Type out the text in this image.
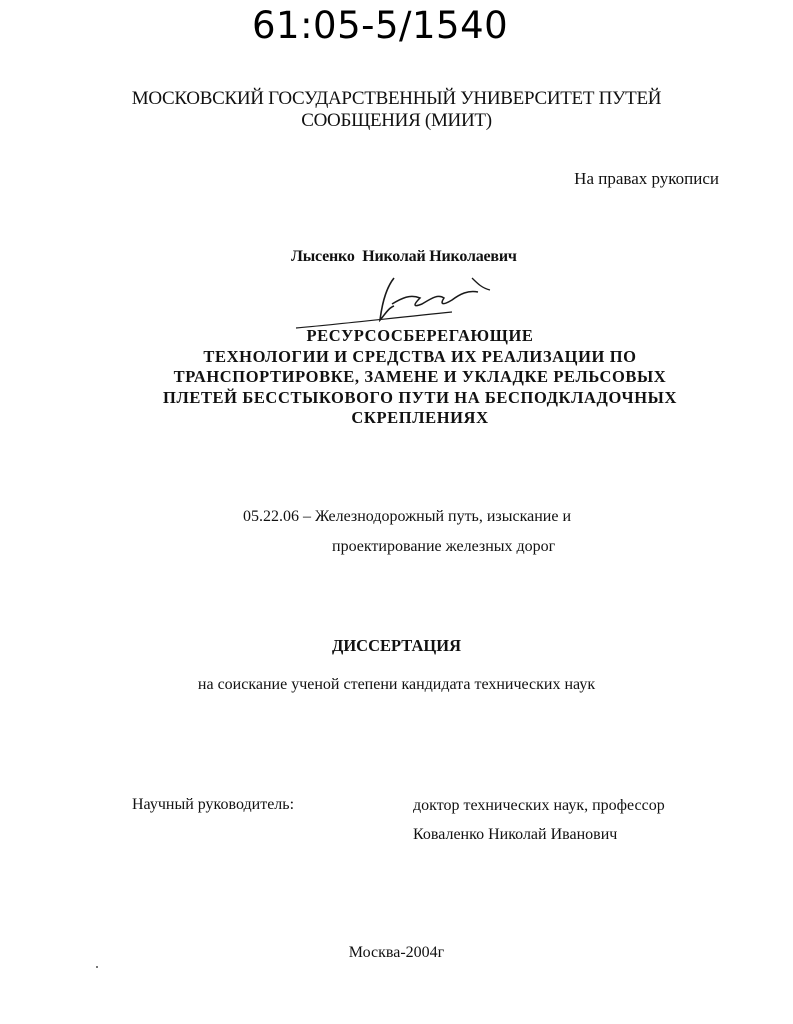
61:05-5/1540
МОСКОВСКИЙ ГОСУДАРСТВЕННЫЙ УНИВЕРСИТЕТ ПУТЕЙ
СООБЩЕНИЯ (МИИТ)
На правах рукописи
Лысенко  Николай Николаевич
РЕСУРСОСБЕРЕГАЮЩИЕ
ТЕХНОЛОГИИ И СРЕДСТВА ИХ РЕАЛИЗАЦИИ ПО
ТРАНСПОРТИРОВКЕ, ЗАМЕНЕ И УКЛАДКЕ РЕЛЬСОВЫХ
ПЛЕТЕЙ БЕССТЫКОВОГО ПУТИ НА БЕСПОДКЛАДОЧНЫХ
СКРЕПЛЕНИЯХ
05.22.06 – Железнодорожный путь, изыскание и
проектирование железных дорог
ДИССЕРТАЦИЯ
на соискание ученой степени кандидата технических наук
Научный руководитель:	доктор технических наук, профессор
Коваленко Николай Иванович
Москва-2004г
